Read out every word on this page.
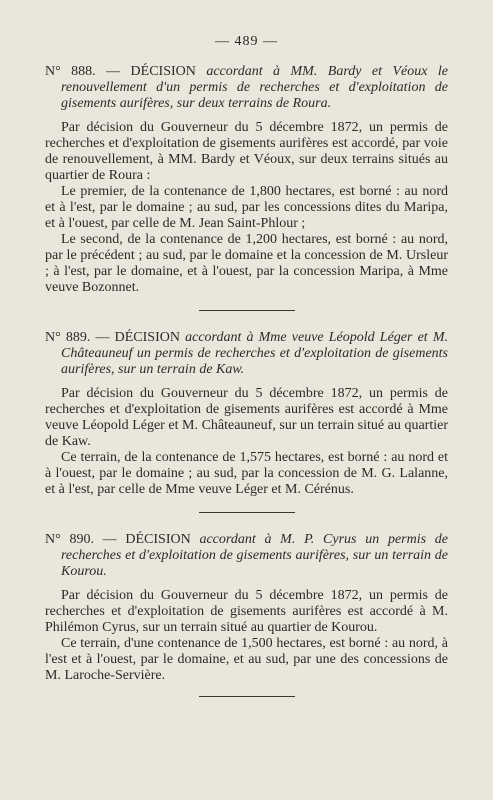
— 489 —

N° 888. — DÉCISION accordant à MM. Bardy et Véoux le renouvellement d'un permis de recherches et d'exploitation de gisements aurifères, sur deux terrains de Roura.

Par décision du Gouverneur du 5 décembre 1872, un permis de recherches et d'exploitation de gisements aurifères est accordé, par voie de renouvellement, à MM. Bardy et Véoux, sur deux terrains situés au quartier de Roura :

Le premier, de la contenance de 1,800 hectares, est borné : au nord et à l'est, par le domaine ; au sud, par les concessions dites du Maripa, et à l'ouest, par celle de M. Jean Saint-Phlour ;

Le second, de la contenance de 1,200 hectares, est borné : au nord, par le précédent ; au sud, par le domaine et la concession de M. Ursleur ; à l'est, par le domaine, et à l'ouest, par la concession Maripa, à Mme veuve Bozonnet.

N° 889. — DÉCISION accordant à Mme veuve Léopold Léger et M. Châteauneuf un permis de recherches et d'exploitation de gisements aurifères, sur un terrain de Kaw.

Par décision du Gouverneur du 5 décembre 1872, un permis de recherches et d'exploitation de gisements aurifères est accordé à Mme veuve Léopold Léger et M. Châteauneuf, sur un terrain situé au quartier de Kaw.

Ce terrain, de la contenance de 1,575 hectares, est borné : au nord et à l'ouest, par le domaine ; au sud, par la concession de M. G. Lalanne, et à l'est, par celle de Mme veuve Léger et M. Cérénus.

N° 890. — DÉCISION accordant à M. P. Cyrus un permis de recherches et d'exploitation de gisements aurifères, sur un terrain de Kourou.

Par décision du Gouverneur du 5 décembre 1872, un permis de recherches et d'exploitation de gisements aurifères est accordé à M. Philémon Cyrus, sur un terrain situé au quartier de Kourou.

Ce terrain, d'une contenance de 1,500 hectares, est borné : au nord, à l'est et à l'ouest, par le domaine, et au sud, par une des concessions de M. Laroche-Servière.
